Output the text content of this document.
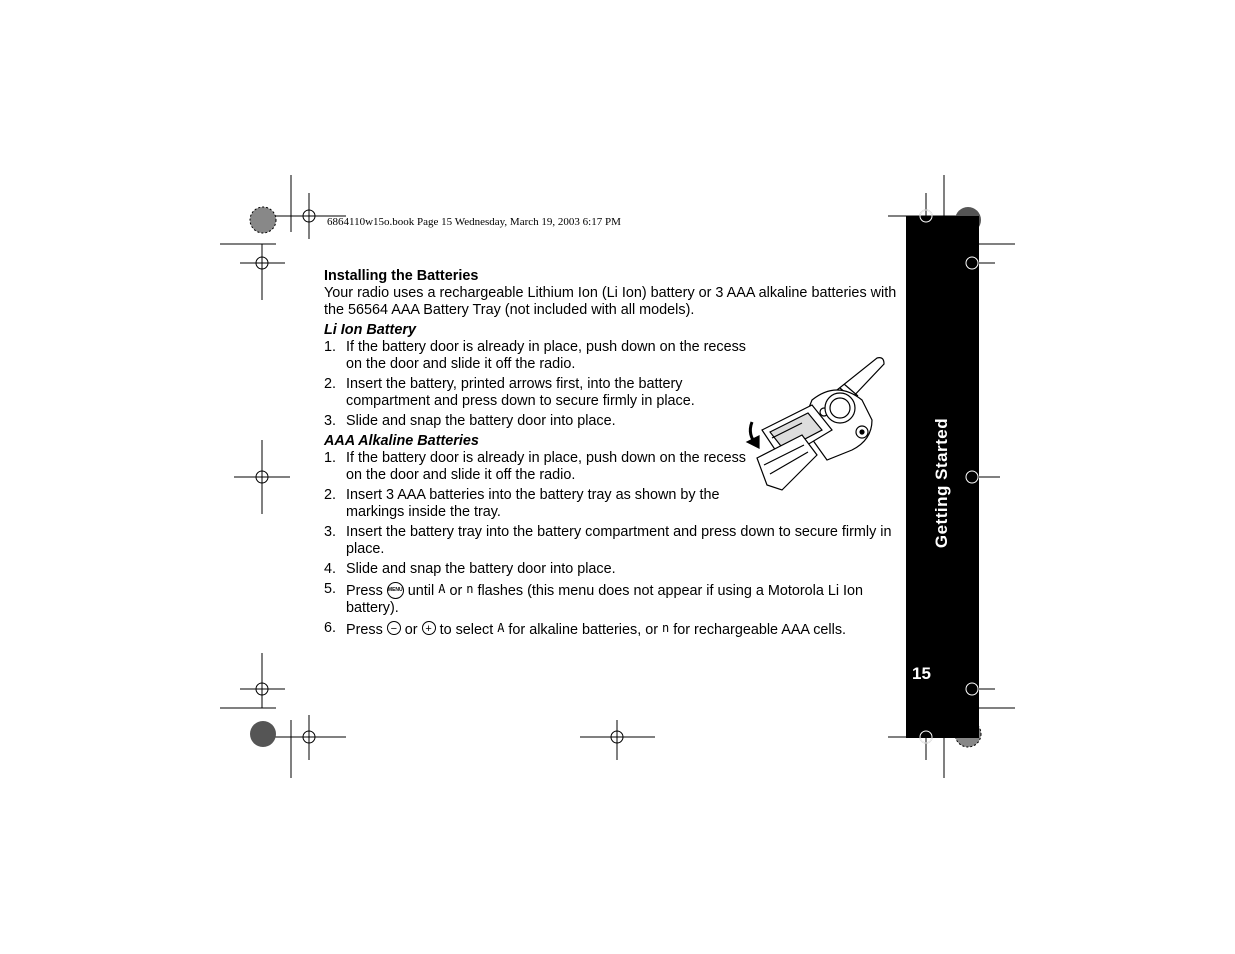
6864110w15o.book Page 15 Wednesday, March 19, 2003 6:17 PM
Getting Started
15

Installing the Batteries

Your radio uses a rechargeable Lithium Ion (Li Ion) battery or 3 AAA alkaline batteries with the 56564 AAA Battery Tray (not included with all models).

Li Ion Battery

1. If the battery door is already in place, push down on the recess on the door and slide it off the radio.
2. Insert the battery, printed arrows first, into the battery compartment and press down to secure firmly in place.
3. Slide and snap the battery door into place.

AAA Alkaline Batteries

1. If the battery door is already in place, push down on the recess on the door and slide it off the radio.
2. Insert 3 AAA batteries into the battery tray as shown by the markings inside the tray.
3. Insert the battery tray into the battery compartment and press down to secure firmly in place.
4. Slide and snap the battery door into place.
5. Press MENU until A or n flashes (this menu does not appear if using a Motorola Li Ion battery).
6. Press − or + to select A for alkaline batteries, or n for rechargeable AAA cells.
